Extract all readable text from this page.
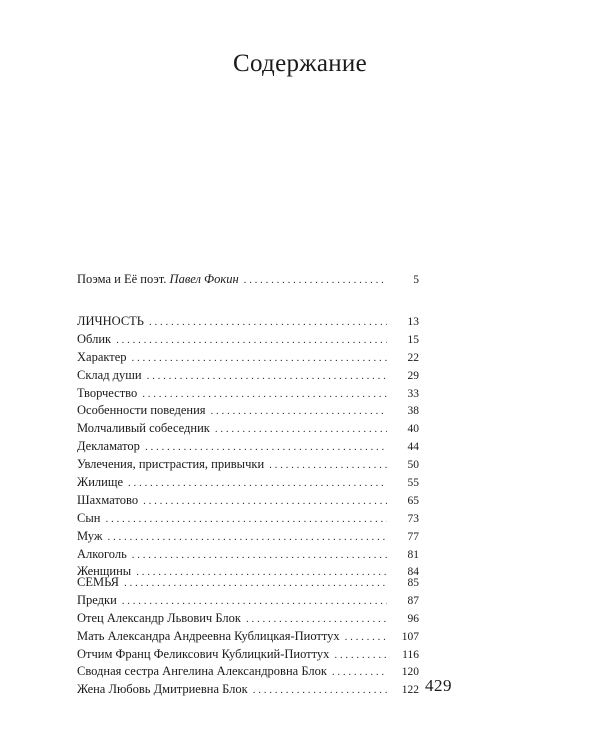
Содержание
Поэма и Её поэт. Павел Фокин . . .	5
ЛИЧНОСТЬ . . .	13
Облик . . .	15
Характер . . .	22
Склад души . . .	29
Творчество . . .	33
Особенности поведения . . .	38
Молчаливый собеседник . . .	40
Декламатор . . .	44
Увлечения, пристрастия, привычки . . .	50
Жилище . . .	55
Шахматово . . .	65
Сын . . .	73
Муж . . .	77
Алкоголь . . .	81
Женщины . . .	84
СЕМЬЯ . . .	85
Предки . . .	87
Отец Александр Львович Блок . . .	96
Мать Александра Андреевна Кублицкая-Пиоттух . . .	107
Отчим Франц Феликсович Кублицкий-Пиоттух . . .	116
Сводная сестра Ангелина Александровна Блок . . .	120
Жена Любовь Дмитриевна Блок . . .	122 429
